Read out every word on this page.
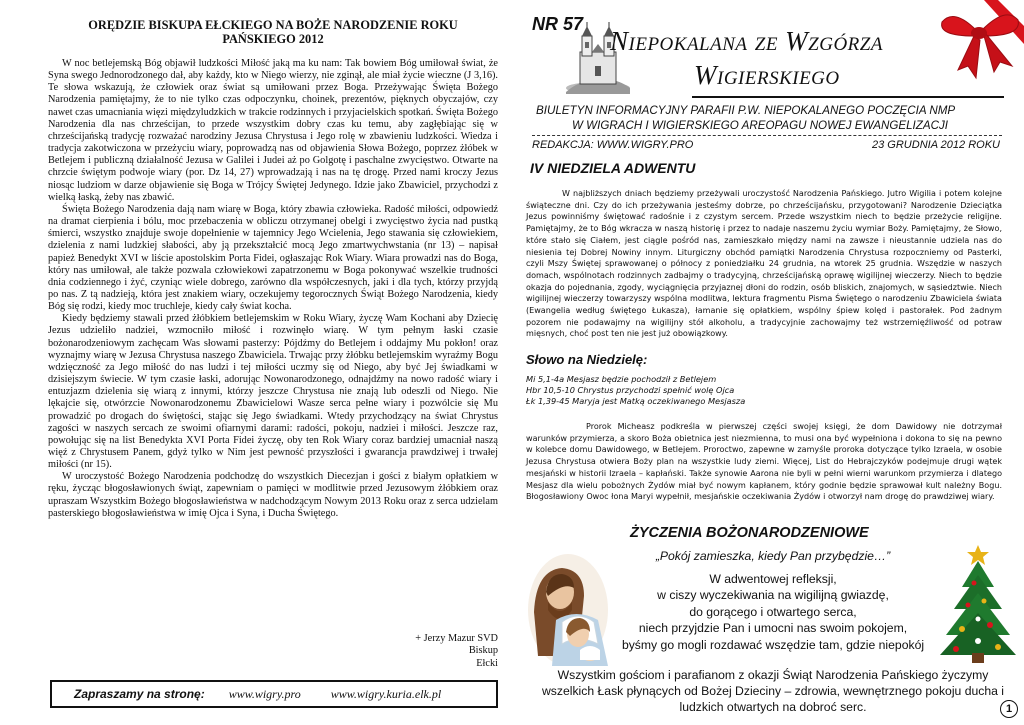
ORĘDZIE BISKUPA EŁCKIEGO NA BOŻE NARODZENIE ROKU
PAŃSKIEGO 2012

W noc betlejemską Bóg objawił ludzkości Miłość jaką ma ku nam: Tak bowiem Bóg umiłował świat, że Syna swego Jednorodzonego dał, aby każdy, kto w Niego wierzy, nie zginął, ale miał życie wieczne (J 3,16). Te słowa wskazują, że człowiek oraz świat są umiłowani przez Boga. Przeżywając Święta Bożego Narodzenia pamiętajmy, że to nie tylko czas odpoczynku, choinek, prezentów, pięknych obyczajów, czy nawet czas umacniania więzi międzyludzkich w trakcie rodzinnych i przyjacielskich spotkań. Święta Bożego Narodzenia dla nas chrześcijan, to przede wszystkim dobry czas ku temu, aby zagłębiając się w chrześcijańską tradycję rozważać narodziny Jezusa Chrystusa i Jego rolę w zbawieniu ludzkości. Wiedza i tradycja zakotwiczona w przeżyciu wiary, poprowadzą nas od objawienia Słowa Bożego, poprzez żłóbek w Betlejem i publiczną działalność Jezusa w Galilei i Judei aż po Golgotę i paschalne zwycięstwo. Otwarte na chrzcie świętym podwoje wiary (por. Dz 14, 27) wprowadzają i nas na tę drogę. Przed nami kroczy Jezus niosąc ludziom w darze objawienie się Boga w Trójcy Świętej Jedynego. Idzie jako Zbawiciel, przychodzi z wielką łaską, żeby nas zbawić.

Święta Bożego Narodzenia dają nam wiarę w Boga, który zbawia człowieka. Radość miłości, odpowiedź na dramat cierpienia i bólu, moc przebaczenia w obliczu otrzymanej obelgi i zwycięstwo życia nad pustką śmierci, wszystko znajduje swoje dopełnienie w tajemnicy Jego Wcielenia, Jego stawania się człowiekiem, dzielenia z nami ludzkiej słabości, aby ją przekształcić mocą Jego zmartwychwstania (nr 13) – napisał papież Benedykt XVI w liście apostolskim Porta Fidei, ogłaszając Rok Wiary. Wiara prowadzi nas do Boga, który nas umiłował, ale także pozwala człowiekowi zapatrzonemu w Boga pokonywać wszelkie trudności dnia codziennego i żyć, czyniąc wiele dobrego, zarówno dla współczesnych, jaki i dla tych, którzy przyjdą po nas. Z tą nadzieją, która jest znakiem wiary, oczekujemy tegorocznych Świąt Bożego Narodzenia, kiedy Bóg się rodzi, kiedy moc truchleje, kiedy cały świat kocha.

Kiedy będziemy stawali przed żłóbkiem betlejemskim w Roku Wiary, życzę Wam Kochani aby Dziecię Jezus udzieliło nadziei, wzmocniło miłość i rozwinęło wiarę. W tym pełnym łaski czasie bożonarodzeniowym zachęcam Was słowami pasterzy: Pójdźmy do Betlejem i oddajmy Mu pokłon! oraz wyznajmy wiarę w Jezusa Chrystusa naszego Zbawiciela. Trwając przy żłóbku betlejemskim wyraźmy Bogu wdzięczność za Jego miłość do nas ludzi i tej miłości uczmy się od Niego, aby być Jej świadkami w dzisiejszym świecie. W tym czasie łaski, adorując Nowonarodzonego, odnajdźmy na nowo radość wiary i entuzjazm dzielenia się wiarą z innymi, którzy jeszcze Chrystusa nie znają lub odeszli od Niego. Nie lękajcie się, otwórzcie Nowonarodzonemu Zbawicielowi Wasze serca pełne wiary i pozwólcie się Mu prowadzić po drogach do świętości, stając się Jego świadkami. Wtedy przychodzący na świat Chrystus zagości w naszych sercach ze swoimi ofiarnymi darami: radości, pokoju, nadziei i miłości. Jeszcze raz, powołując się na list Benedykta XVI Porta Fidei życzę, oby ten Rok Wiary coraz bardziej umacniał naszą więź z Chrystusem Panem, gdyż tylko w Nim jest pewność przyszłości i gwarancja prawdziwej i trwałej miłości (nr 15).

W uroczystość Bożego Narodzenia podchodzę do wszystkich Diecezjan i gości z białym opłatkiem w ręku, życząc błogosławionych świąt, zapewniam o pamięci w modlitwie przed Jezusowym żłóbkiem oraz upraszam Wszystkim Bożego błogosławieństwa w nadchodzącym Nowym 2013 Roku oraz z serca udzielam pasterskiego błogosławieństwa w imię Ojca i Syna, i Ducha Świętego.

+ Jerzy Mazur SVD
Biskup
Ełcki
Zapraszamy na stronę: www.wigry.pro	www.wigry.kuria.elk.pl
NR 57
Niepokalana ze Wzgórza
Wigierskiego
BIULETYN INFORMACYJNY PARAFII P.W. NIEPOKALANEGO POCZĘCIA NMP
W WIGRACH I WIGIERSKIEGO AREOPAGU NOWEJ EWANGELIZACJI
REDAKCJA: WWW.WIGRY.PRO	23 GRUDNIA 2012 ROKU
IV NIEDZIELA ADWENTU
W najbliższych dniach będziemy przeżywali uroczystość Narodzenia Pańskiego. Jutro Wigilia i potem kolejne świąteczne dni. Czy do ich przeżywania jesteśmy dobrze, po chrześcijańsku, przygotowani? Narodzenie Dzieciątka Jezus powinniśmy świętować radośnie i z czystym sercem. Przede wszystkim niech to będzie przeżycie religijne. Pamiętajmy, że to Bóg wkracza w naszą historię i przez to nadaje naszemu życiu wymiar Boży. Pamiętajmy, że Słowo, które stało się Ciałem, jest ciągle pośród nas, zamieszkało między nami na zawsze i nieustannie udziela nas do niesienia tej Dobrej Nowiny innym. Liturgiczny obchód pamiątki Narodzenia Chrystusa rozpoczniemy od Pasterki, czyli Mszy Świętej sprawowanej o północy z poniedziałku 24 grudnia, na wtorek 25 grudnia. Wszędzie w naszych domach, wspólnotach rodzinnych zadbajmy o tradycyjną, chrześcijańską oprawę wigilijnej wieczerzy. Niech to będzie okazja do pojednania, zgody, wyciągnięcia przyjaznej dłoni do rodzin, osób bliskich, znajomych, w sąsiedztwie. Niech wigilijnej wieczerzy towarzyszy wspólna modlitwa, lektura fragmentu Pisma Świętego o narodzeniu Zbawiciela świata (Ewangelia według świętego Łukasza), łamanie się opłatkiem, wspólny śpiew kolęd i pastorałek. Pod żadnym pozorem nie podawajmy na wigilijny stół alkoholu, a tradycyjnie zachowajmy też wstrzemięźliwość od potraw mięsnych, choć post ten nie jest już obowiązkowy.
Słowo na Niedzielę:
Mi 5,1-4a Mesjasz będzie pochodził z Betlejem
Hbr 10,5-10 Chrystus przychodzi spełnić wolę Ojca
Łk 1,39-45 Maryja jest Matką oczekiwanego Mesjasza
Prorok Micheasz podkreśla w pierwszej części swojej księgi, że dom Dawidowy nie dotrzymał warunków przymierza, a skoro Boża obietnica jest niezmienna, to musi ona być wypełniona i dokona to się na pewno w kolebce domu Dawidowego, w Betlejem. Proroctwo, zapewne w zamyśle proroka dotyczące tylko Izraela, w osobie Jezusa Chrystusa otwiera Boży plan na wszystkie ludy ziemi. Więcej, List do Hebrajczyków podejmuje drugi wątek mesjański w historii Izraela – kapłański. Także synowie Aarona nie byli w pełni wierni warunkom przymierza i dlatego Mesjasz dla wielu pobożnych Żydów miał być nowym kapłanem, który godnie będzie sprawował kult należny Bogu. Błogosławiony Owoc łona Maryi wypełnił, mesjańskie oczekiwania Żydów i otworzył nam drogę do prawdziwej wiary.
ŻYCZENIA BOŻONARODZENIOWE
„Pokój zamieszka, kiedy Pan przybędzie…”
W adwentowej refleksji,
w ciszy wyczekiwania na wigilijną gwiazdę,
do gorącego i otwartego serca,
niech przyjdzie Pan i umocni nas swoim pokojem,
byśmy go mogli rozdawać wszędzie tam, gdzie niepokój
Wszystkim gościom i parafianom z okazji Świąt Narodzenia Pańskiego życzymy
wszelkich Łask płynących od Bożej Dzieciny – zdrowia, wewnętrznego pokoju ducha i
ludzkich otwartych na dobroć serc.	1
